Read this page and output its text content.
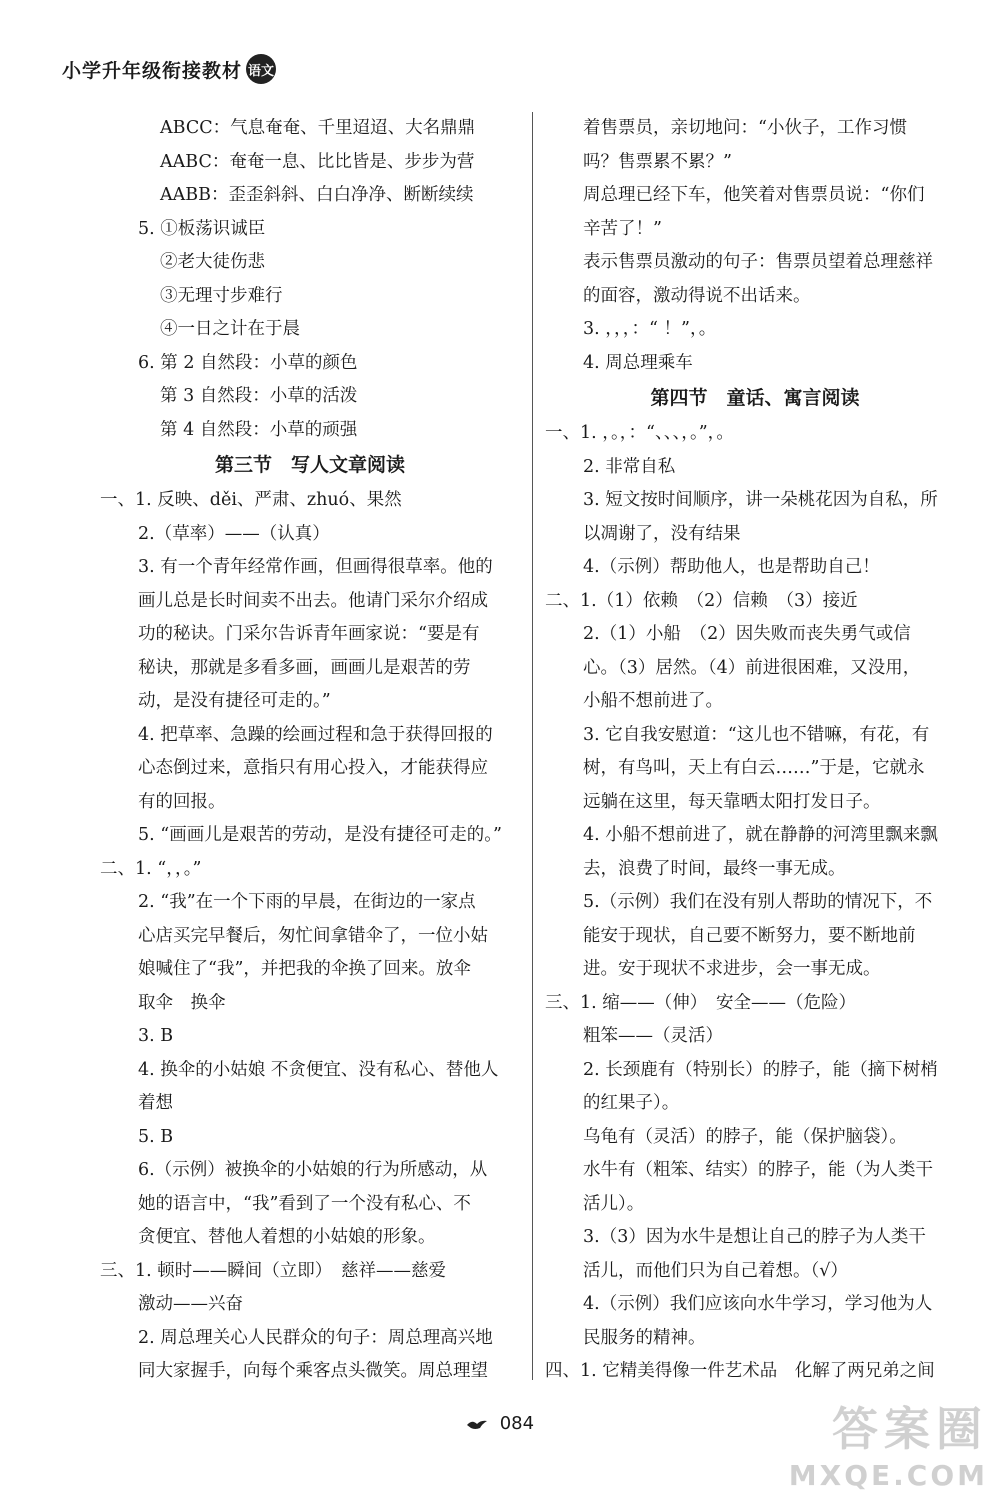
小学升年级衔接教材 语文
ABCC：气息奄奄、千里迢迢、大名鼎鼎
AABC：奄奄一息、比比皆是、步步为营
AABB：歪歪斜斜、白白净净、断断续续
5. ①板荡识诚臣
②老大徒伤悲
③无理寸步难行
④一日之计在于晨
6. 第 2 自然段：小草的颜色
第 3 自然段：小草的活泼
第 4 自然段：小草的顽强
第三节　写人文章阅读
一、1. 反映、děi、严肃、zhuó、果然
2.（草率）——（认真）
3. 有一个青年经常作画，但画得很草率。他的
画儿总是长时间卖不出去。他请门采尔介绍成
功的秘诀。门采尔告诉青年画家说：“要是有
秘诀，那就是多看多画，画画儿是艰苦的劳
动，是没有捷径可走的。”
4. 把草率、急躁的绘画过程和急于获得回报的
心态倒过来，意指只有用心投入，才能获得应
有的回报。
5. “画画儿是艰苦的劳动，是没有捷径可走的。”
二、1. “，，。”
2. “我”在一个下雨的早晨，在街边的一家点
心店买完早餐后，匆忙间拿错伞了，一位小姑
娘喊住了“我”，并把我的伞换了回来。放伞
取伞　换伞
3. B
4. 换伞的小姑娘 不贪便宜、没有私心、替他人
着想
5. B
6.（示例）被换伞的小姑娘的行为所感动，从
她的语言中，“我”看到了一个没有私心、不
贪便宜、替他人着想的小姑娘的形象。
三、1. 顿时——瞬间（立即）　慈祥——慈爱
激动——兴奋
2. 周总理关心人民群众的句子：周总理高兴地
同大家握手，向每个乘客点头微笑。周总理望
着售票员，亲切地问：“小伙子，工作习惯
吗？售票累不累？”
周总理已经下车，他笑着对售票员说：“你们
辛苦了！”
表示售票员激动的句子：售票员望着总理慈祥
的面容，激动得说不出话来。
3. ，，，：“ ！”，。
4. 周总理乘车
第四节　童话、寓言阅读
一、1. ，。，：“、、、，。”，。
2. 非常自私
3. 短文按时间顺序，讲一朵桃花因为自私，所
以凋谢了，没有结果
4.（示例）帮助他人，也是帮助自己！
二、1.（1）依赖　（2）信赖　（3）接近
2.（1）小船　（2）因失败而丧失勇气或信
心。（3）居然。（4）前进很困难，又没用，
小船不想前进了。
3. 它自我安慰道：“这儿也不错嘛，有花，有
树，有鸟叫，天上有白云……”于是，它就永
远躺在这里，每天靠晒太阳打发日子。
4. 小船不想前进了，就在静静的河湾里飘来飘
去，浪费了时间，最终一事无成。
5.（示例）我们在没有别人帮助的情况下，不
能安于现状，自己要不断努力，要不断地前
进。安于现状不求进步，会一事无成。
三、1. 缩——（伸）　安全——（危险）
粗笨——（灵活）
2. 长颈鹿有（特别长）的脖子，能（摘下树梢
的红果子）。
乌龟有（灵活）的脖子，能（保护脑袋）。
水牛有（粗笨、结实）的脖子，能（为人类干
活儿）。
3.（3）因为水牛是想让自己的脖子为人类干
活儿，而他们只为自己着想。（√）
4.（示例）我们应该向水牛学习，学习他为人
民服务的精神。
四、1. 它精美得像一件艺术品　化解了两兄弟之间
084	答案圈
MXQE.COM
